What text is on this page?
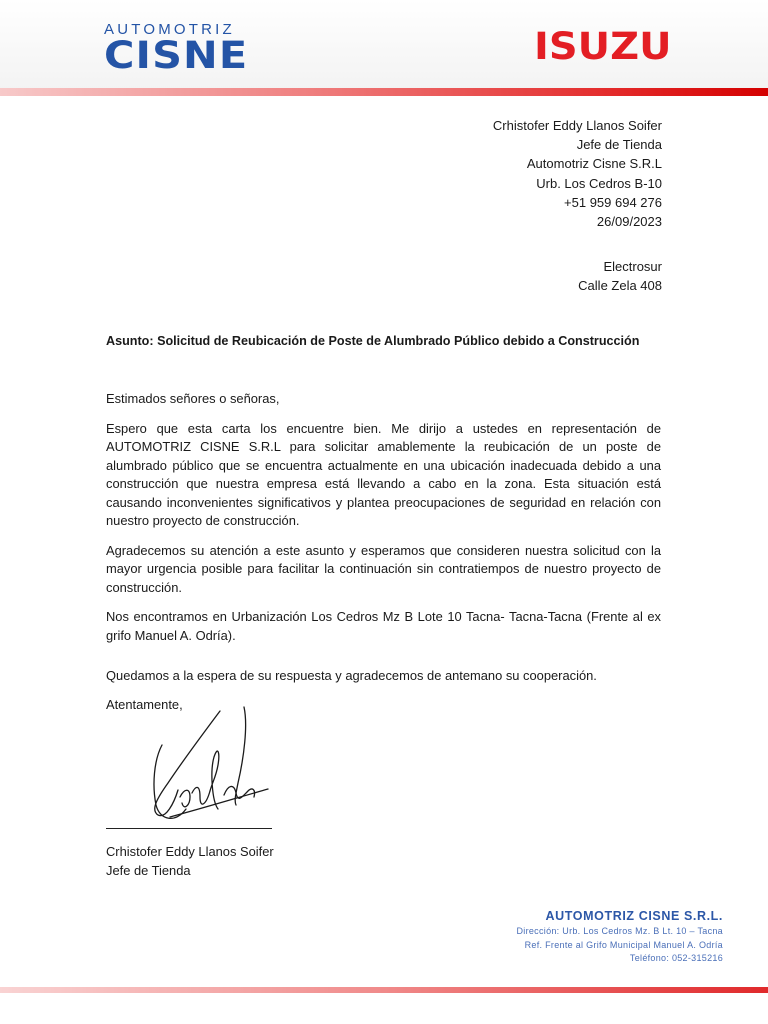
AUTOMOTRIZ
CISNE	ISUZU
Crhistofer Eddy Llanos Soifer
Jefe de Tienda
Automotriz Cisne S.R.L
Urb. Los Cedros B-10
+51 959 694 276
26/09/2023
Electrosur
Calle Zela 408
Asunto: Solicitud de Reubicación de Poste de Alumbrado Público debido a Construcción

Estimados señores o señoras,

Espero que esta carta los encuentre bien. Me dirijo a ustedes en representación de AUTOMOTRIZ CISNE S.R.L para solicitar amablemente la reubicación de un poste de alumbrado público que se encuentra actualmente en una ubicación inadecuada debido a una construcción que nuestra empresa está llevando a cabo en la zona. Esta situación está causando inconvenientes significativos y plantea preocupaciones de seguridad en relación con nuestro proyecto de construcción.

Agradecemos su atención a este asunto y esperamos que consideren nuestra solicitud con la mayor urgencia posible para facilitar la continuación sin contratiempos de nuestro proyecto de construcción.

Nos encontramos en Urbanización Los Cedros Mz B Lote 10 Tacna- Tacna-Tacna (Frente al ex grifo Manuel A. Odría).

Quedamos a la espera de su respuesta y agradecemos de antemano su cooperación.
Atentamente,
Crhistofer Eddy Llanos Soifer
Jefe de Tienda
AUTOMOTRIZ CISNE S.R.L.
Dirección: Urb. Los Cedros Mz. B Lt. 10 – Tacna
Ref. Frente al Grifo Municipal Manuel A. Odría
Teléfono: 052-315216
